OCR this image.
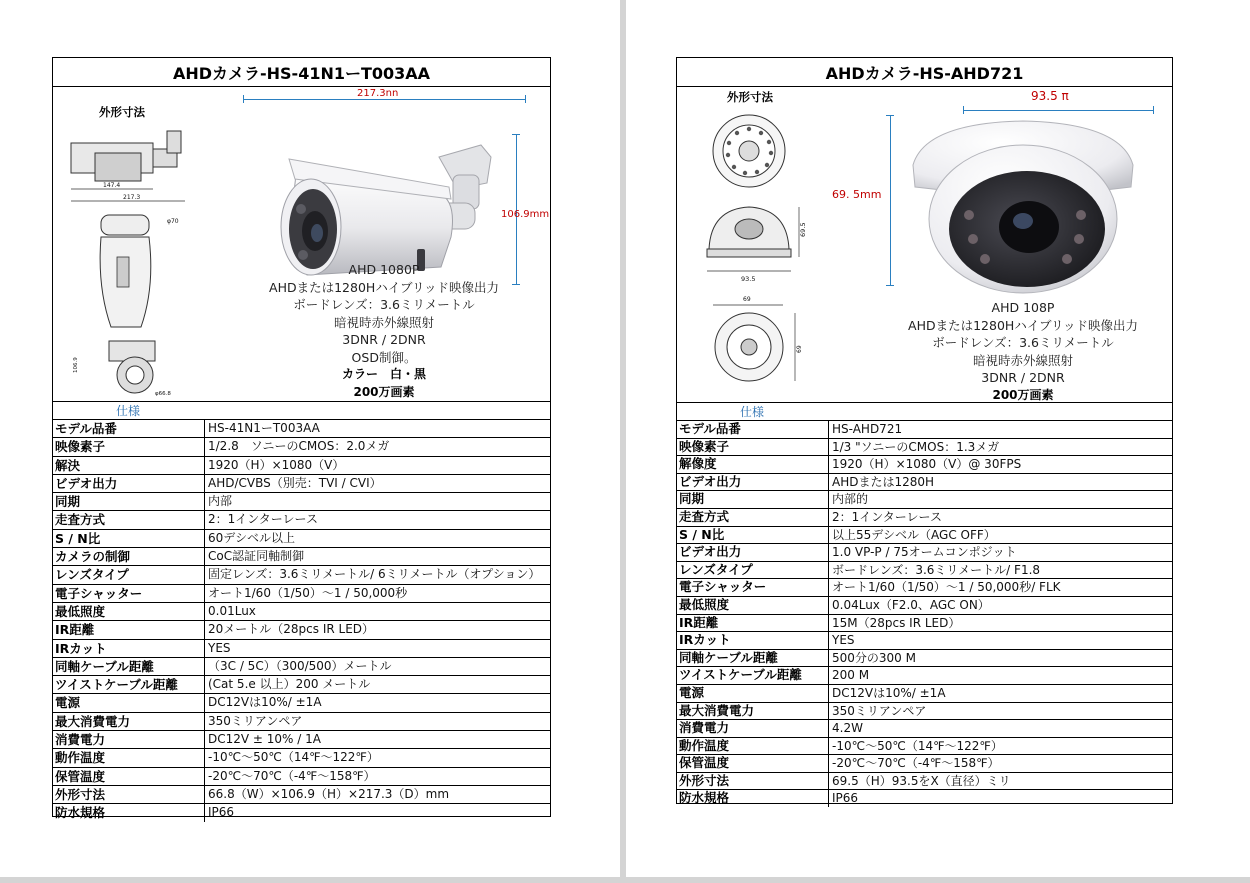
AHDカメラ-HS-41N1ーT003AA
外形寸法
147.4
217.3
φ70
106.9
φ66.8
217.3nn
106.9mm
AHD 1080P
AHDまたは1280Hハイブリッド映像出力
ボードレンズ：3.6ミリメートル
暗視時赤外線照射
3DNR / 2DNR
OSD制御。
カラー　白・黒
200万画素
仕様
モデル品番	HS-41N1ーT003AA
映像素子	1/2.8　ソニーのCMOS：2.0メガ
解決	1920（H）×1080（V）
ビデオ出力	AHD/CVBS（別売：TVI / CVI）
同期	内部
走査方式	2：1インターレース
S / N比	60デシベル以上
カメラの制御	CoC認証同軸制御
レンズタイプ	固定レンズ：3.6ミリメートル/ 6ミリメートル（オプション）
電子シャッター	オート1/60（1/50）〜1 / 50,000秒
最低照度	0.01Lux
IR距離	20メートル（28pcs IR LED）
IRカット	YES
同軸ケーブル距離	（3C / 5C）（300/500）メートル
ツイストケーブル距離	(Cat 5.e 以上）200 メートル
電源	DC12Vは10%/ ±1A
最大消費電力	350ミリアンペア
消費電力	DC12V ± 10% / 1A
動作温度	-10℃〜50℃（14℉〜122℉）
保管温度	-20℃〜70℃（-4℉〜158℉）
外形寸法	66.8（W）×106.9（H）×217.3（D）mm
防水規格	IP66
AHDカメラ-HS-AHD721
外形寸法
93.5
69.5
69
69
93.5 π
69. 5mm
AHD 108P
AHDまたは1280Hハイブリッド映像出力
ボードレンズ：3.6ミリメートル
暗視時赤外線照射
3DNR / 2DNR
200万画素
仕様
モデル品番	HS-AHD721
映像素子	1/3 "ソニーのCMOS：1.3メガ
解像度	1920（H）×1080（V）@ 30FPS
ビデオ出力	AHDまたは1280H
同期	内部的
走査方式	2：1インターレース
S / N比	以上55デシベル（AGC OFF）
ビデオ出力	1.0 VP-P / 75オームコンポジット
レンズタイプ	ボードレンズ：3.6ミリメートル/ F1.8
電子シャッター	オート1/60（1/50）〜1 / 50,000秒/ FLK
最低照度	0.04Lux（F2.0、AGC ON）
IR距離	15M（28pcs IR LED）
IRカット	YES
同軸ケーブル距離	500分の300 M
ツイストケーブル距離	200 M
電源	DC12Vは10%/ ±1A
最大消費電力	350ミリアンペア
消費電力	4.2W
動作温度	-10℃〜50℃（14℉〜122℉）
保管温度	-20℃〜70℃（-4℉〜158℉）
外形寸法	69.5（H）93.5をX（直径）ミリ
防水規格	IP66
